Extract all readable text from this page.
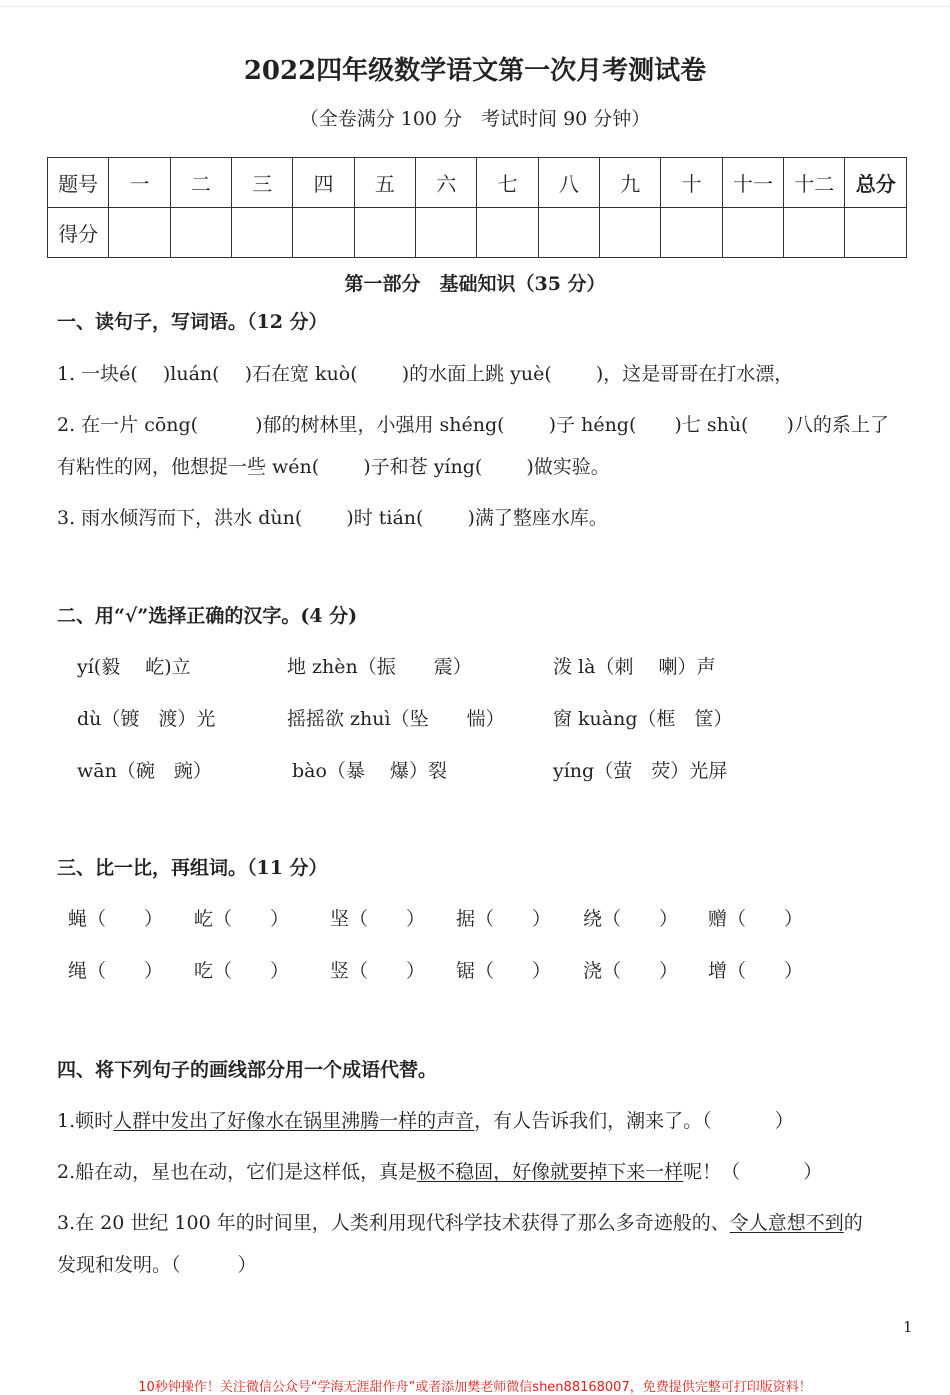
2022四年级数学语文第一次月考测试卷
（全卷满分 100 分　考试时间 90 分钟）
题号	一	二	三	四	五	六	七	八	九	十	十一	十二	总分
得分													
第一部分　基础知识（35 分）
一、读句子，写词语。（12 分）
1. 一块é(　 )luán(　 )石在宽 kuò(　　 )的水面上跳 yuè(　　 )，这是哥哥在打水漂，
2. 在一片 cōng(　　　)郁的树林里，小强用 shéng(　　 )子 héng(　　)七 shù(　　)八的系上了
有粘性的网，他想捉一些 wén(　　 )子和苍 yíng(　　 )做实验。
3. 雨水倾泻而下，洪水 dùn(　　 )时 tián(　　 )满了整座水库。
二、用“√”选择正确的汉字。(4 分)
yí(毅　 屹)立	地 zhèn（振　　震）	泼 là（刺　 喇）声
dù（镀　渡）光	摇摇欲 zhuì（坠　　惴）	窗 kuàng（框　筐）
wān（碗　豌）	bào（暴　 爆）裂	yíng（萤　荧）光屏
三、比一比，再组词。（11 分）
蝇（　　） 屹（　　） 坚（　　） 据（　　） 绕（　　） 赠（　　）
绳（　　） 吃（　　） 竖（　　） 锯（　　） 浇（　　） 增（　　）
四、将下列句子的画线部分用一个成语代替。
1.顿时人群中发出了好像水在锅里沸腾一样的声音，有人告诉我们，潮来了。（　　　 ）
2.船在动，星也在动，它们是这样低，真是极不稳固，好像就要掉下来一样呢！（　　　 ）
3.在 20 世纪 100 年的时间里，人类利用现代科学技术获得了那么多奇迹般的、令人意想不到的
发现和发明。（　　　）
1
10秒钟操作！关注微信公众号“学海无涯甜作舟”或者添加樊老师微信shen88168007，免费提供完整可打印版资料！
